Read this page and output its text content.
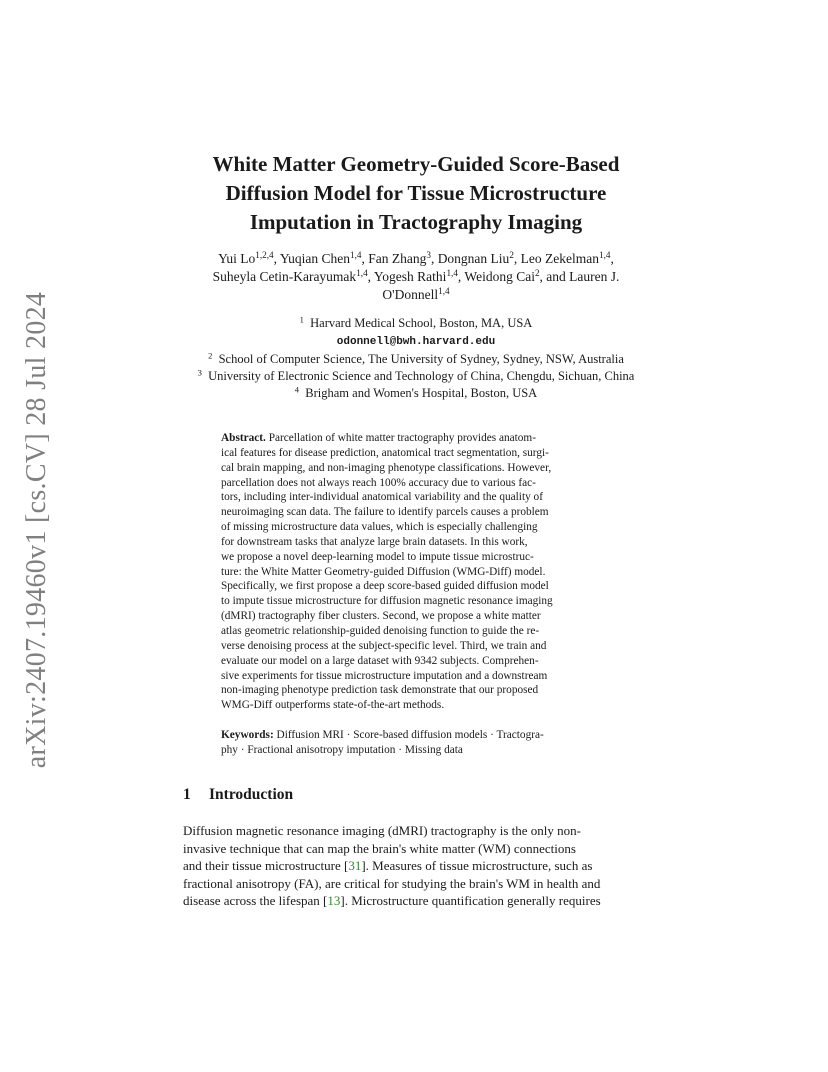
arXiv:2407.19460v1 [cs.CV] 28 Jul 2024
White Matter Geometry-Guided Score-Based
Diffusion Model for Tissue Microstructure
Imputation in Tractography Imaging
Yui Lo$^{1,2,4}$, Yuqian Chen$^{1,4}$, Fan Zhang$^3$, Dongnan Liu$^2$, Leo Zekelman$^{1,4}$,
Suheyla Cetin-Karayumak$^{1,4}$, Yogesh Rathi$^{1,4}$, Weidong Cai$^2$, and Lauren J.
O'Donnell$^{1,4}$
$^1$  Harvard Medical School, Boston, MA, USA
odonnell@bwh.harvard.edu
$^2$  School of Computer Science, The University of Sydney, Sydney, NSW, Australia
$^3$  University of Electronic Science and Technology of China, Chengdu, Sichuan, China
$^4$  Brigham and Women's Hospital, Boston, USA
Abstract. Parcellation of white matter tractography provides anatom-
ical features for disease prediction, anatomical tract segmentation, surgi-
cal brain mapping, and non-imaging phenotype classifications. However,
parcellation does not always reach 100% accuracy due to various fac-
tors, including inter-individual anatomical variability and the quality of
neuroimaging scan data. The failure to identify parcels causes a problem
of missing microstructure data values, which is especially challenging
for downstream tasks that analyze large brain datasets. In this work,
we propose a novel deep-learning model to impute tissue microstruc-
ture: the White Matter Geometry-guided Diffusion (WMG-Diff) model.
Specifically, we first propose a deep score-based guided diffusion model
to impute tissue microstructure for diffusion magnetic resonance imaging
(dMRI) tractography fiber clusters. Second, we propose a white matter
atlas geometric relationship-guided denoising function to guide the re-
verse denoising process at the subject-specific level. Third, we train and
evaluate our model on a large dataset with 9342 subjects. Comprehen-
sive experiments for tissue microstructure imputation and a downstream
non-imaging phenotype prediction task demonstrate that our proposed
WMG-Diff outperforms state-of-the-art methods.
Keywords: Diffusion MRI · Score-based diffusion models · Tractogra-
phy · Fractional anisotropy imputation · Missing data
1 Introduction
Diffusion magnetic resonance imaging (dMRI) tractography is the only non-
invasive technique that can map the brain's white matter (WM) connections
and their tissue microstructure [31]. Measures of tissue microstructure, such as
fractional anisotropy (FA), are critical for studying the brain's WM in health and
disease across the lifespan [13]. Microstructure quantification generally requires
